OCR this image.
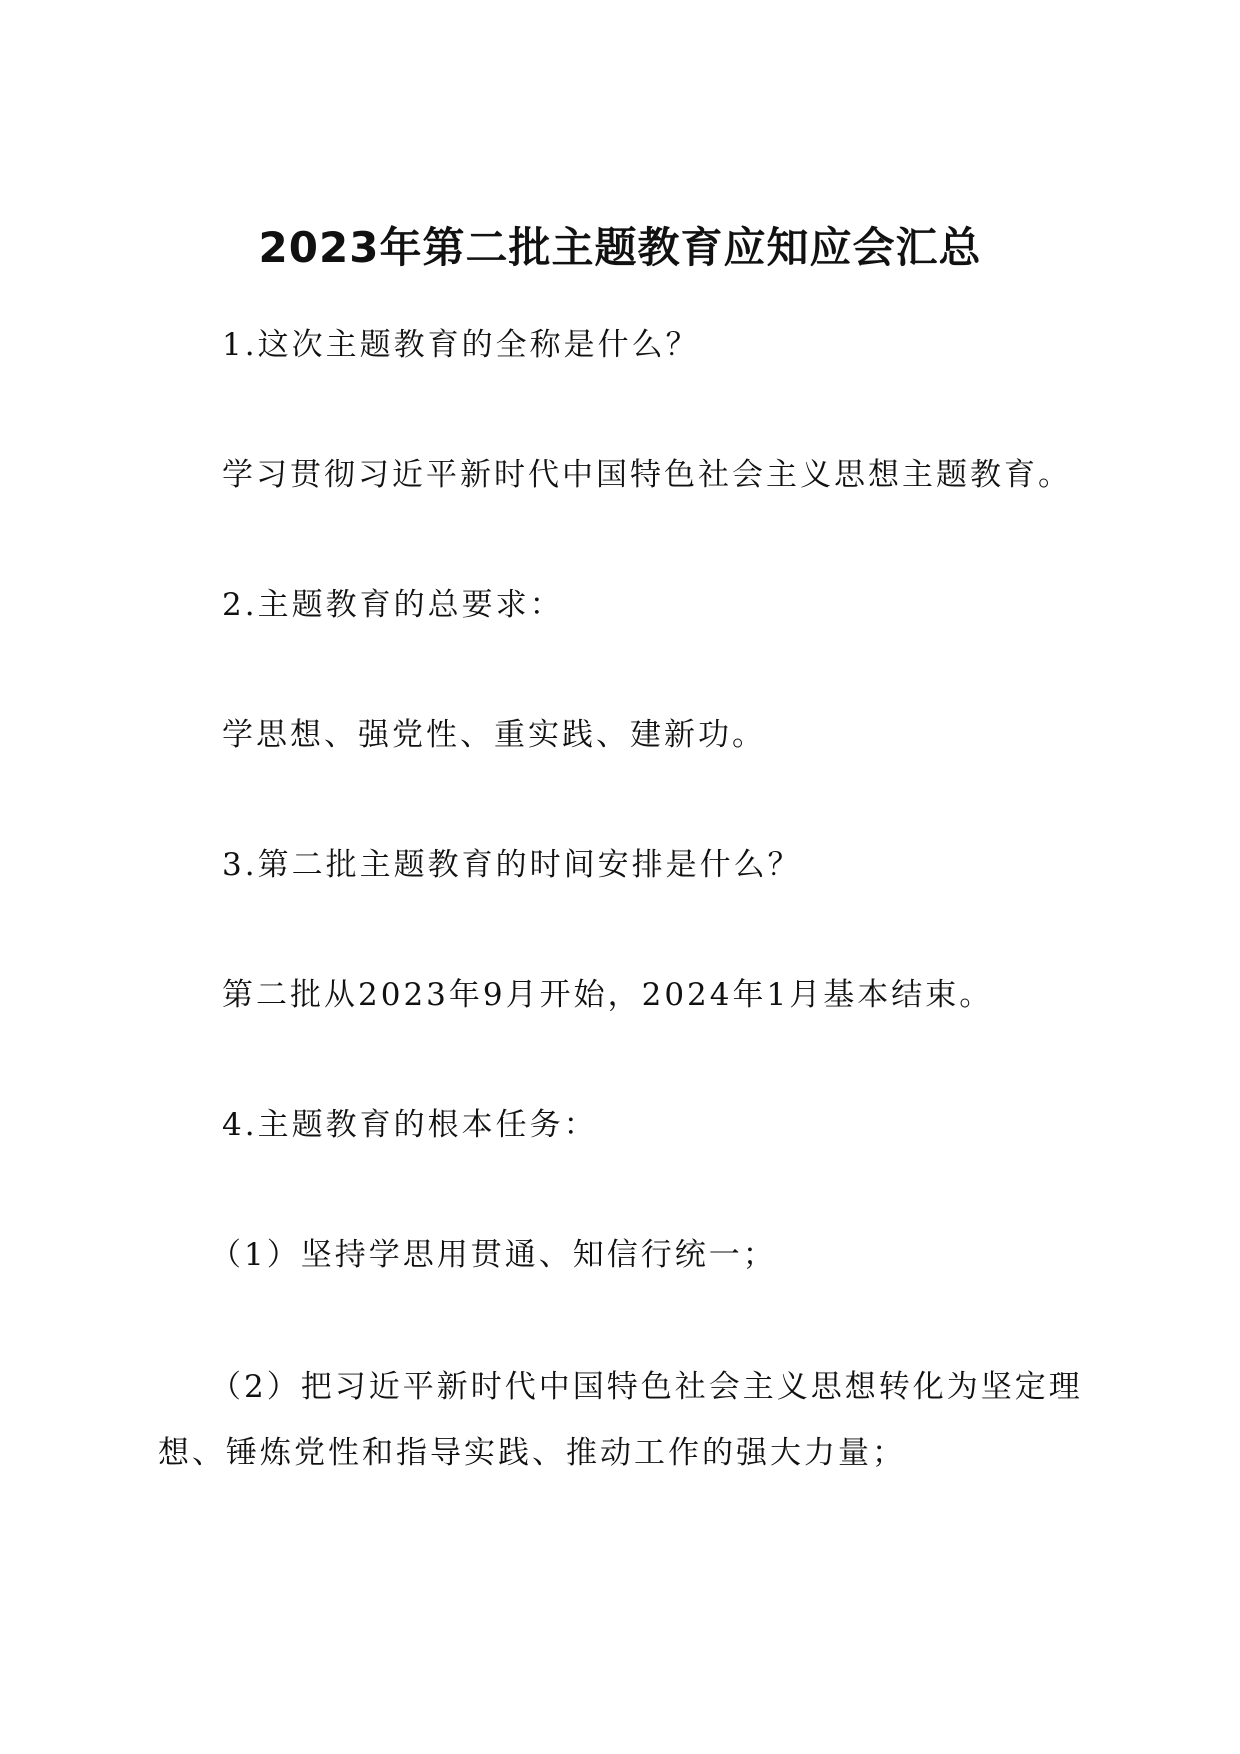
2023年第二批主题教育应知应会汇总

1.这次主题教育的全称是什么？

学习贯彻习近平新时代中国特色社会主义思想主题教育。

2.主题教育的总要求：

学思想、强党性、重实践、建新功。

3.第二批主题教育的时间安排是什么？

第二批从2023年9月开始，2024年1月基本结束。

4.主题教育的根本任务：

（1）坚持学思用贯通、知信行统一；

（2）把习近平新时代中国特色社会主义思想转化为坚定理想、锤炼党性和指导实践、推动工作的强大力量；
